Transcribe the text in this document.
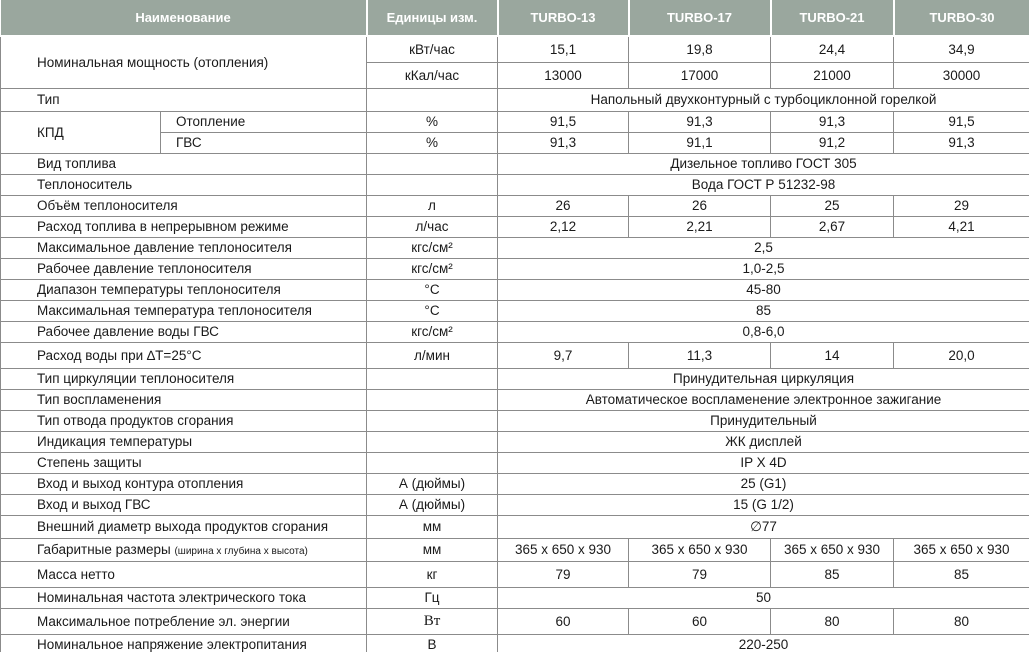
Наименование		Единицы изм.	TURBO-13	TURBO-17	TURBO-21	TURBO-30
Номинальная мощность (отопления)		кВт/час	15,1	19,8	24,4	34,9
		кКал/час	13000	17000	21000	30000
Тип			Напольный двухконтурный с турбоциклонной горелкой			
КПД	Отопление	%	91,5	91,3	91,3	91,5
	ГВС	%	91,3	91,1	91,2	91,3
Вид топлива			Дизельное топливо ГОСТ 305			
Теплоноситель			Вода ГОСТ Р 51232-98			
Объём теплоносителя		л	26	26	25	29
Расход топлива в непрерывном режиме		л/час	2,12	2,21	2,67	4,21
Максимальное давление теплоносителя		кгс/см²	2,5			
Рабочее давление теплоносителя		кгс/см²	1,0-2,5			
Диапазон температуры теплоносителя		°С	45-80			
Максимальная температура теплоносителя		°С	85			
Рабочее давление воды ГВС		кгс/см²	0,8-6,0			
Расход воды при ∆T=25°С		л/мин	9,7	11,3	14	20,0
Тип циркуляции теплоносителя			Принудительная циркуляция			
Тип воспламенения			Автоматическое воспламенение электронное зажигание			
Тип отвода продуктов сгорания			Принудительный			
Индикация температуры			ЖК дисплей			
Степень защиты			IP X 4D			
Вход и выход контура отопления		А (дюймы)	25 (G1)			
Вход и выход ГВС		А (дюймы)	15 (G 1/2)			
Внешний диаметр выхода продуктов сгорания		мм	∅77			
Габаритные размеры (ширина х глубина х высота)		мм	365 x 650 x 930	365 x 650 x 930	365 x 650 x 930	365 x 650 x 930
Масса нетто		кг	79	79	85	85
Номинальная частота электрического тока		Гц	50			
Максимальное потребление эл. энергии		Вт	60	60	80	80
Номинальное напряжение электропитания		В	220-250			
